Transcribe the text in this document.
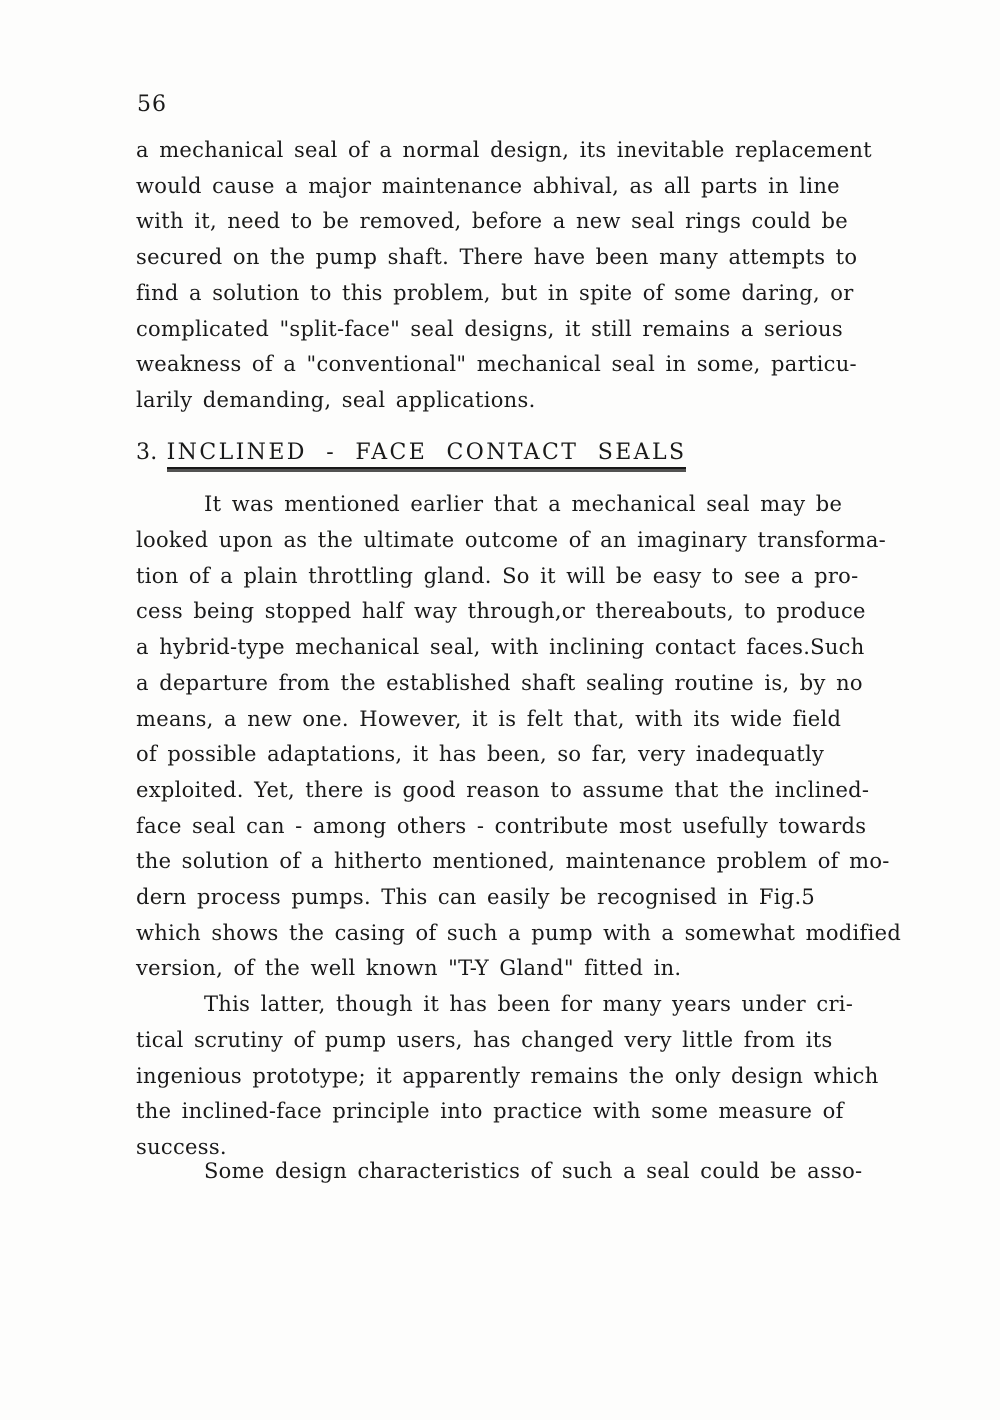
56
a mechanical seal of a normal design, its inevitable replacement
would cause a major maintenance abhival, as all parts in line
with it, need to be removed, before a new seal rings could be
secured on the pump shaft. There have been many attempts to
find a solution to this problem, but in spite of some daring, or
complicated "split-face" seal designs, it still remains a serious
weakness of a "conventional" mechanical seal in some, particu-
larily demanding, seal applications.
3. INCLINED - FACE CONTACT SEALS
It was mentioned earlier that a mechanical seal may be
looked upon as the ultimate outcome of an imaginary transforma-
tion of a plain throttling gland. So it will be easy to see a pro-
cess being stopped half way through,or thereabouts, to produce
a hybrid-type mechanical seal, with inclining contact faces.Such
a departure from the established shaft sealing routine is, by no
means, a new one. However, it is felt that, with its wide field
of possible adaptations, it has been, so far, very inadequatly
exploited. Yet, there is good reason to assume that the inclined-
face seal can - among others - contribute most usefully towards
the solution of a hitherto mentioned, maintenance problem of mo-
dern process pumps. This can easily be recognised in Fig.5
which shows the casing of such a pump with a somewhat modified
version, of the well known "T-Y Gland" fitted in.
This latter, though it has been for many years under cri-
tical scrutiny of pump users, has changed very little from its
ingenious prototype; it apparently remains the only design which
the inclined-face principle into practice with some measure of
success.
Some design characteristics of such a seal could be asso-
